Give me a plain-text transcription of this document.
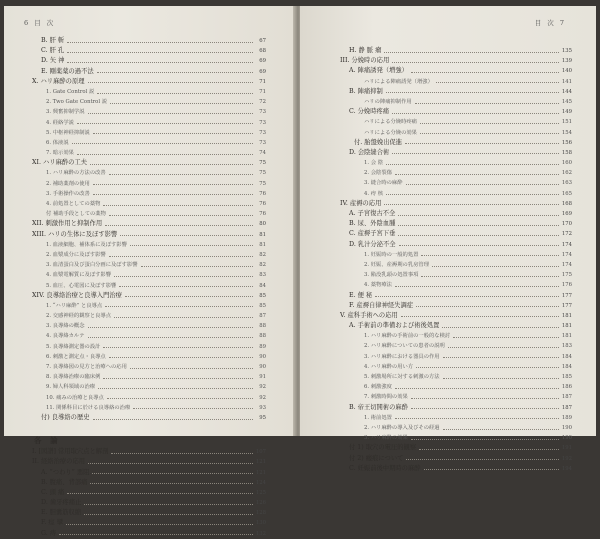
6 目 次
B. 肝 斬	67
C. 肝 孔	68
D. 矢 神	69
E. 剛薬薬の過不法	69
X. ハリ麻酔の原理	71
1. Gate Control 説	71
2. Two Gate Control 説	72
3. 興奮抑制学説	73
4. 経絡学説	73
5. 中枢神経抑制説	73
6. 体液説	73
7. 暗示効果	74
XI. ハリ麻酔の工夫	75
1. ハリ麻酔の方法の改善	75
2. 補助薬剤の使用	75
3. 手術操作の改善	76
4. 前処置としての薬物	76
付 補助手段としての薬物	76
XII. 刺激作用と抑制作用	80
XIII. ハリの生体に及ぼす影響	81
1. 血液細胞、補体系に及ぼす影響	81
2. 血漿成分に及ぼす影響	82
3. 血清蛋白及び蛋白分画に及ぼす影響	82
4. 血漿電解質に及ぼす影響	83
5. 血圧、心電図に及ぼす影響	84
XIV. 良導絡治療と良導入門治療	85
1. “ハリ麻酔” と良導点	85
2. 交感神経的観察と良導点	87
3. 良導絡の概念	88
4. 良導絡カルテ	88
5. 良導絡測定器の設計	89
6. 刺激と測定点・良導点	90
7. 良導絡図の見方と治療への応用	90
8. 良導絡治療の臨床例	91
9. 婦人科領域の治療	92
10. 痛みの治療と良導点	92
11. 関係科目に於ける良導絡の治療	93
付) 良導絡の歴史	95
各 論
I. [図譜] 常用取穴点と解剖	107
II. 経絡治療の応用	121
A. “つわり” 悪阻	121
B. 腹痛、背部痛	124
C. 頭 痛	125
D. 歯牙疼痛止	126
E. 胆囊筋収縮	128
F. 痙 攣	130
G. 痔	132
目 次 7
H. 静 脈 瘤	135
III. 分娩時の応用	139
A. 陣痛誘発（増強）	140
ハリによる陣痛誘発（増強）	141
B. 陣痛抑制	144
ハリの陣痛抑制作用	145
C. 分娩時疼痛	149
ハリによる分娩時疼痛	151
ハリによる分娩の効果	154
付. 胎盤娩出促進	156
D. 会陰縫合術	158
1. 会 陰	160
2. 会陰裂傷	162
3. 縫合時の麻酔	163
4. 痔 核	165
IV. 産褥の応用	168
A. 子宮復古不全	169
B. 尿、外陰血腫	170
C. 産褥子宮下垂	172
D. 乳汁分泌不全	174
1. 妊娠時の一般的処置	174
2. 妊娠、産褥期の乳房管理	174
3. 陥没乳頭の処置事項	175
4. 薬物療法	176
E. 便 秘	177
F. 産褥自律神経失調症	177
V. 産科手術への応用	181
A. 手術前の準備および術後処置	181
1. ハリ麻酔の手術前の一般的な検討	181
2. ハリ麻酔についての患者の説明	183
3. ハリ麻酔における器具の作用	184
4. ハリ麻酔の用い方	184
5. 刺激場所に対する刺激の方法	185
6. 刺激強度	186
7. 刺激時間の効果	187
B. 帝王切開術の麻酔	187
1. 術前処置	189
2. ハリ麻酔の導入及びその経過	190
3. ハリ麻酔の効果	190
付 1) 取穴の電圧的観察	191
付 2) 瘢痕について	192
C. 妊娠前後中期時の麻酔	194
